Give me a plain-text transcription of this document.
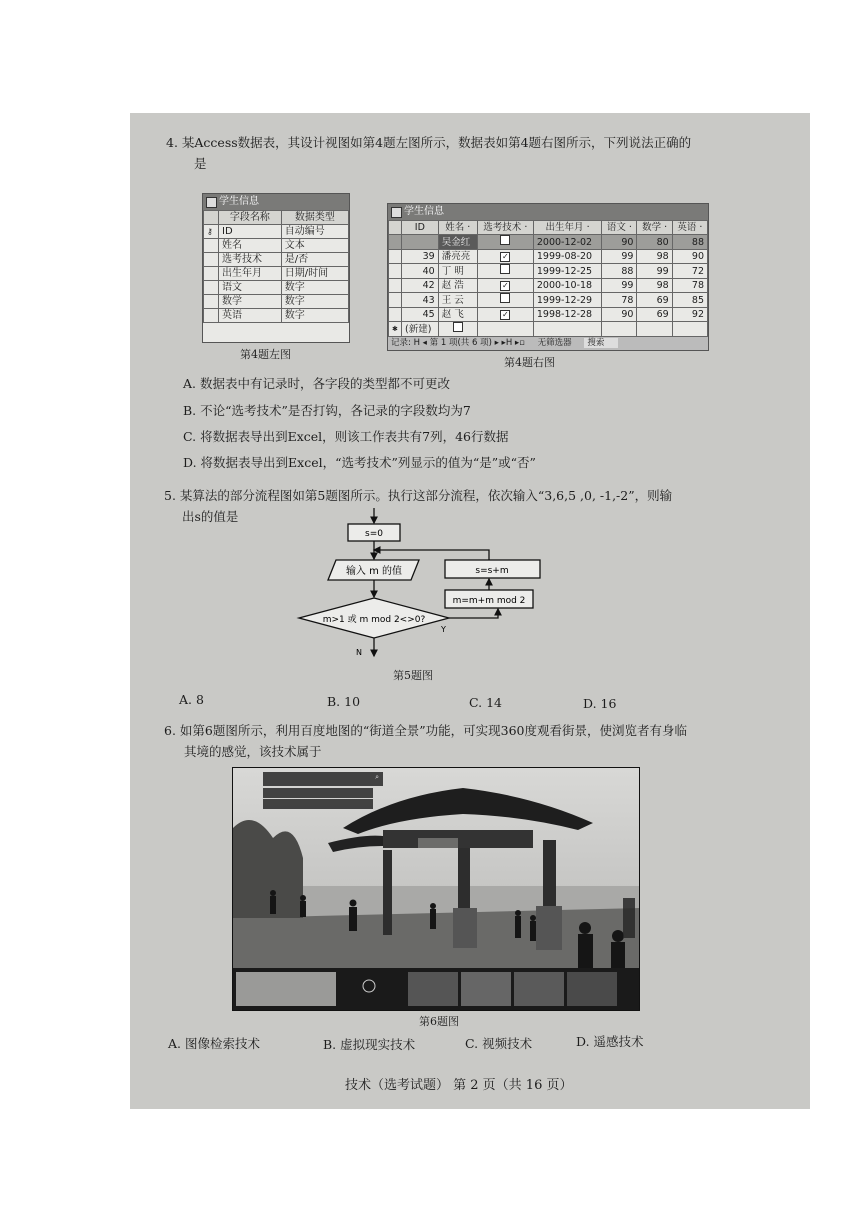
4. 某Access数据表，其设计视图如第4题左图所示，数据表如第4题右图所示，下列说法正确的
是
学生信息
	字段名称	数据类型
⚷	ID	自动编号
	姓名	文本
	选考技术	是/否
	出生年月	日期/时间
	语文	数字
	数学	数字
	英语	数字
第4题左图
学生信息
	ID	姓名 ·	选考技术 ·	出生年月 ·	语文 ·	数学 ·	英语 ·
		吴金红		2000-12-02	90	80	88
	39	潘亮亮	✓	1999-08-20	99	98	90
	40	丁 明		1999-12-25	88	99	72
	42	赵 浩	✓	2000-10-18	99	98	78
	43	王 云		1999-12-29	78	69	85
	45	赵 飞	✓	1998-12-28	90	69	92
✱	(新建)						
记录: H ◂ 第 1 项(共 6 项) ▸ ▸H ▸▫ 无筛选器 搜索
第4题右图
A. 数据表中有记录时，各字段的类型都不可更改
B. 不论“选考技术”是否打钩，各记录的字段数均为7
C. 将数据表导出到Excel，则该工作表共有7列，46行数据
D. 将数据表导出到Excel，“选考技术”列显示的值为“是”或“否”
5. 某算法的部分流程图如第5题图所示。执行这部分流程，依次输入“3,6,5 ,0, -1,-2”，则输
出s的值是
s=0
输入 m 的值
m>1 或 m mod 2<>0?
N
Y
m=m+m mod 2
s=s+m
第5题图
A. 8	B. 10	C. 14	D. 16
6. 如第6题图所示，利用百度地图的“街道全景”功能，可实现360度观看街景，使浏览者有身临
其境的感觉，该技术属于
⌕
第6题图
A. 图像检索技术	B. 虚拟现实技术	C. 视频技术	D. 遥感技术
技术（选考试题） 第 2 页（共 16 页）
